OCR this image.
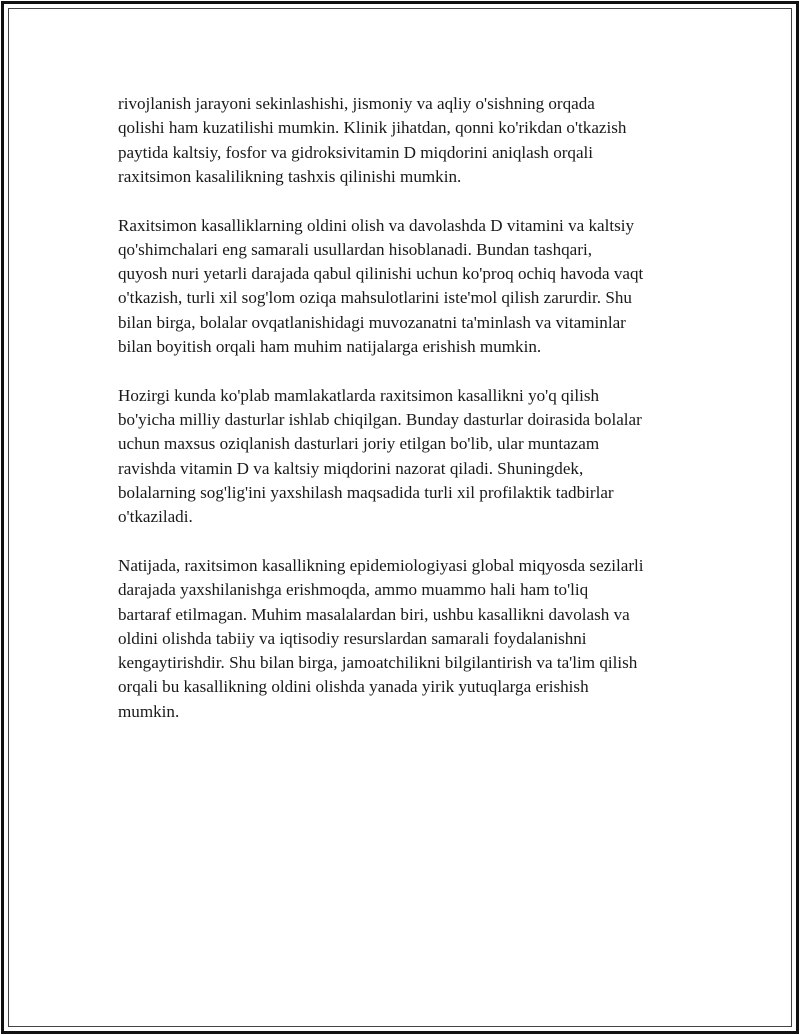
rivojlanish jarayoni sekinlashishi, jismoniy va aqliy o'sishning orqada
qolishi ham kuzatilishi mumkin. Klinik jihatdan, qonni ko'rikdan o'tkazish
paytida kaltsiy, fosfor va gidroksivitamin D miqdorini aniqlash orqali
raxitsimon kasalilikning tashxis qilinishi mumkin.

Raxitsimon kasalliklarning oldini olish va davolashda D vitamini va kaltsiy
qo'shimchalari eng samarali usullardan hisoblanadi. Bundan tashqari,
quyosh nuri yetarli darajada qabul qilinishi uchun ko'proq ochiq havoda vaqt
o'tkazish, turli xil sog'lom oziqa mahsulotlarini iste'mol qilish zarurdir. Shu
bilan birga, bolalar ovqatlanishidagi muvozanatni ta'minlash va vitaminlar
bilan boyitish orqali ham muhim natijalarga erishish mumkin.

Hozirgi kunda ko'plab mamlakatlarda raxitsimon kasallikni yo'q qilish
bo'yicha milliy dasturlar ishlab chiqilgan. Bunday dasturlar doirasida bolalar
uchun maxsus oziqlanish dasturlari joriy etilgan bo'lib, ular muntazam
ravishda vitamin D va kaltsiy miqdorini nazorat qiladi. Shuningdek,
bolalarning sog'lig'ini yaxshilash maqsadida turli xil profilaktik tadbirlar
o'tkaziladi.

Natijada, raxitsimon kasallikning epidemiologiyasi global miqyosda sezilarli
darajada yaxshilanishga erishmoqda, ammo muammo hali ham to'liq
bartaraf etilmagan. Muhim masalalardan biri, ushbu kasallikni davolash va
oldini olishda tabiiy va iqtisodiy resurslardan samarali foydalanishni
kengaytirishdir. Shu bilan birga, jamoatchilikni bilgilantirish va ta'lim qilish
orqali bu kasallikning oldini olishda yanada yirik yutuqlarga erishish
mumkin.
